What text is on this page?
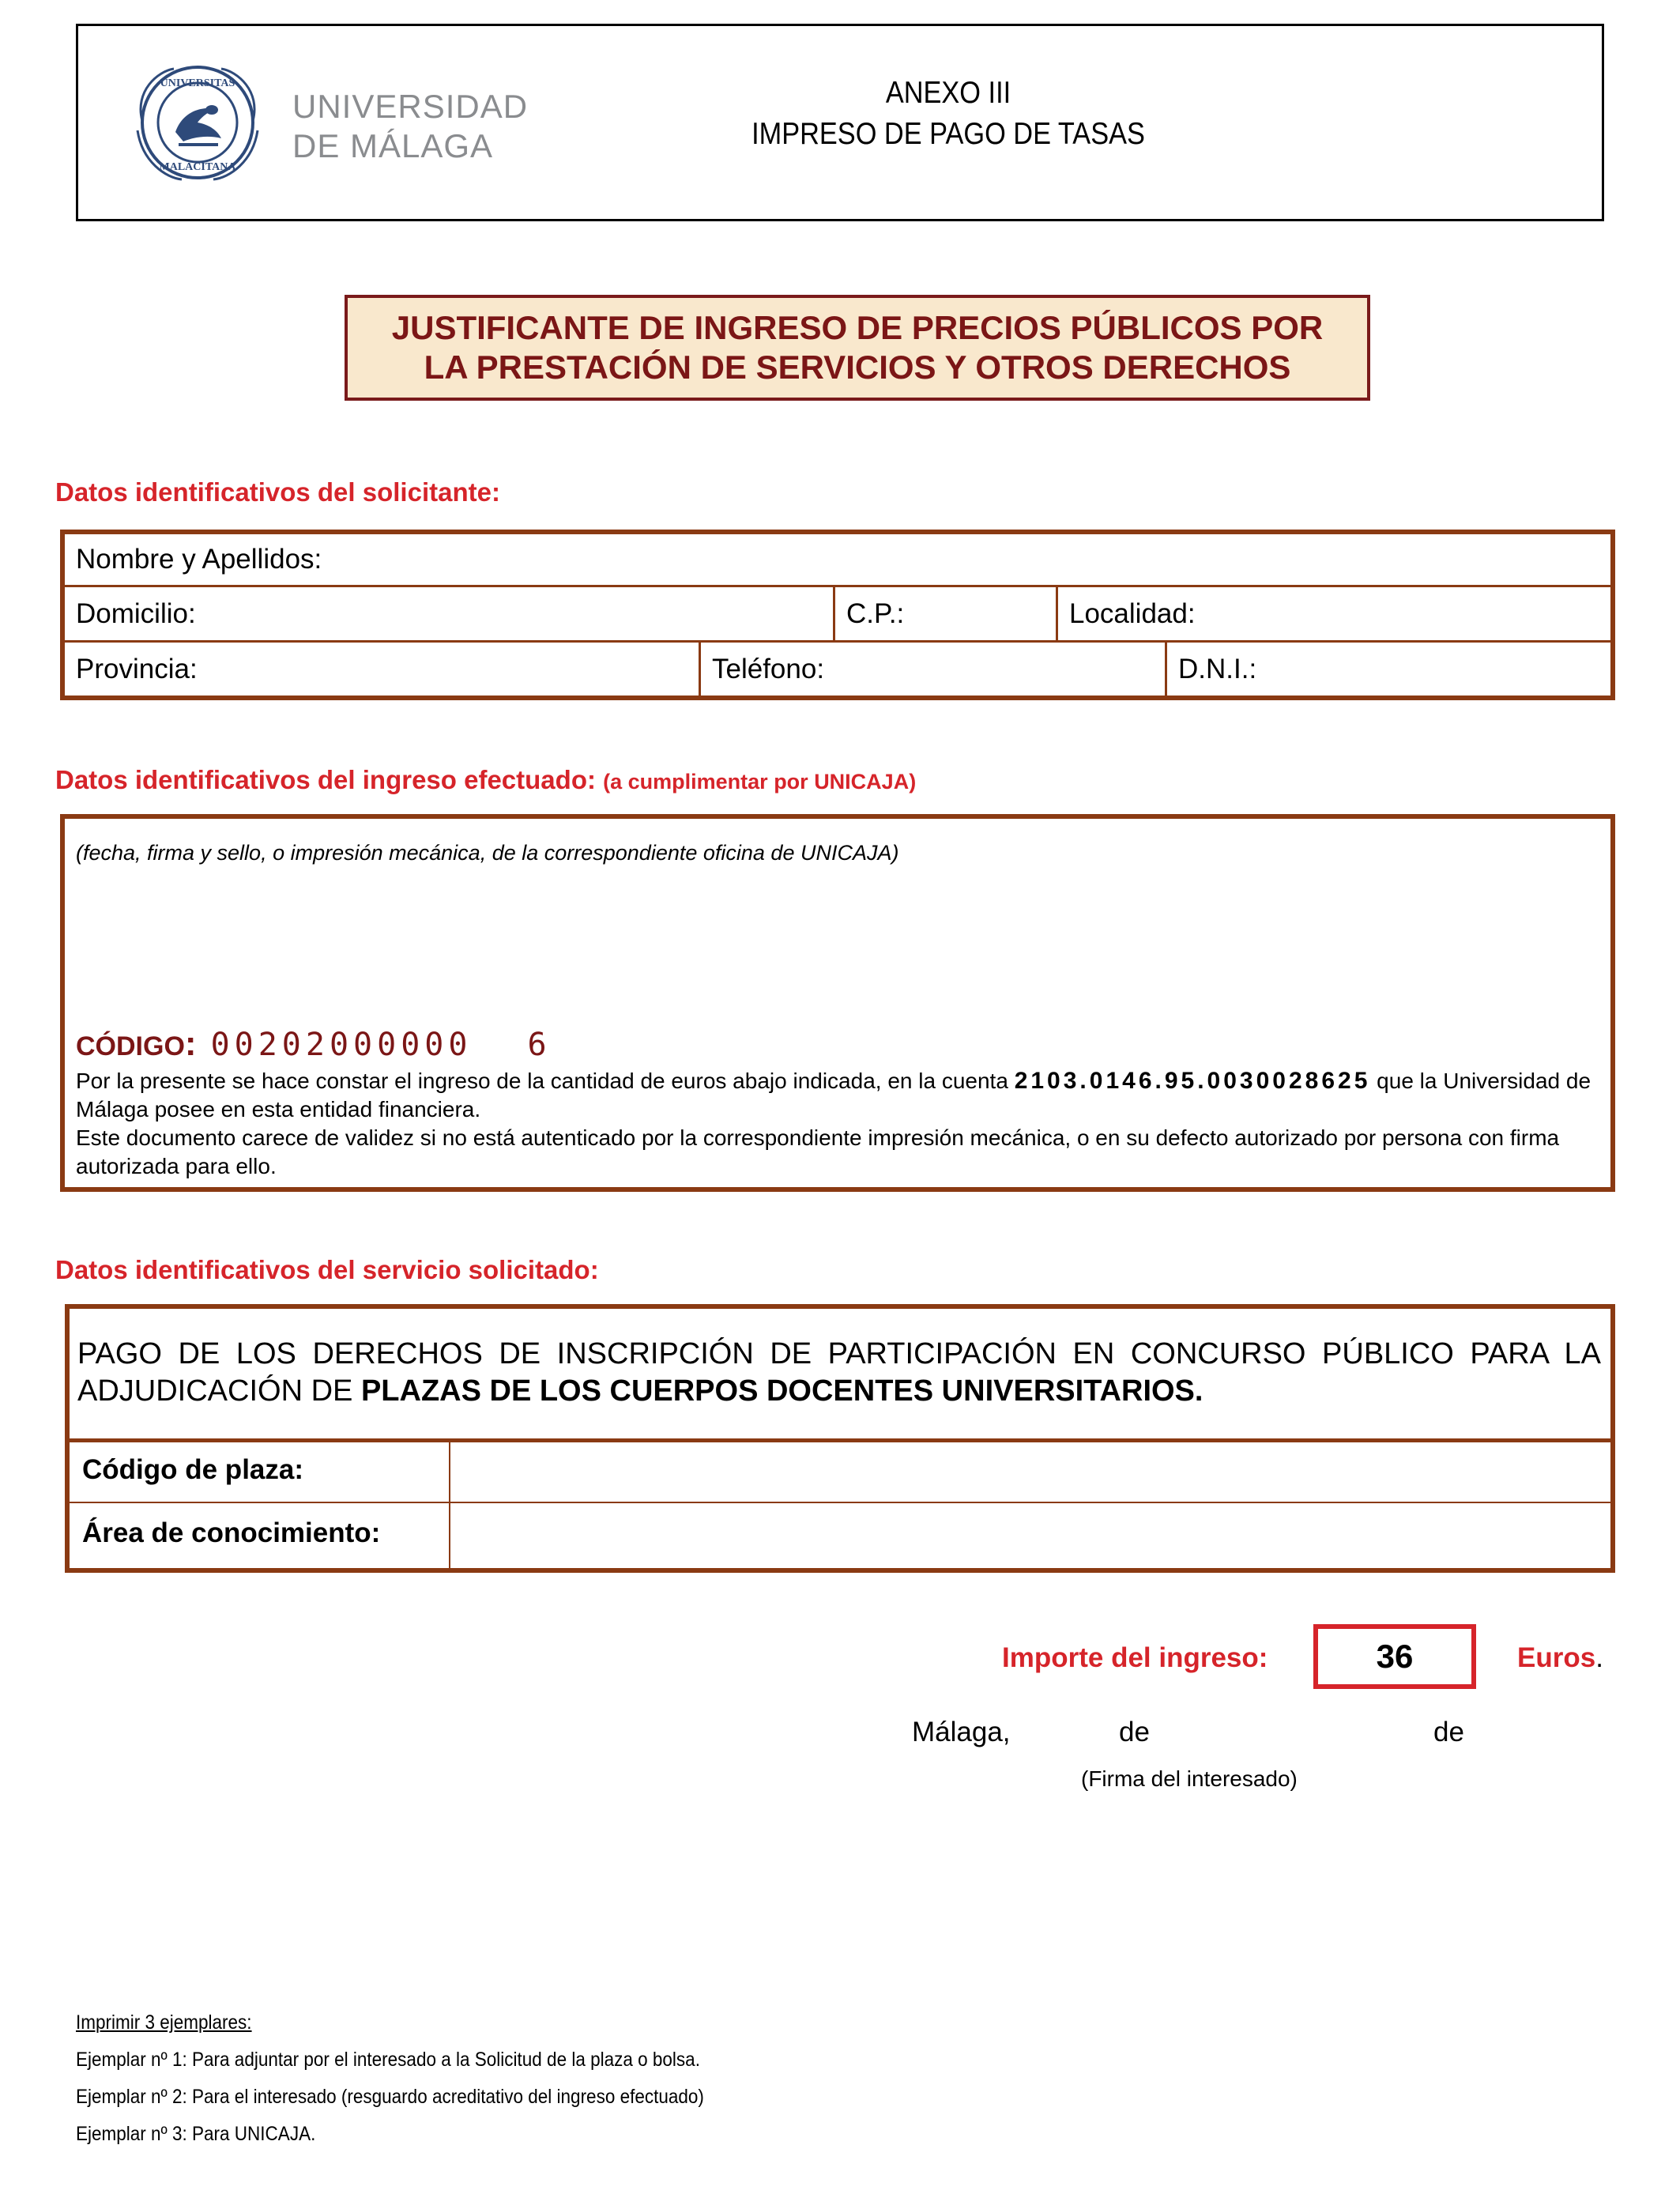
UNIVERSITAS
MALACITANA
UNIVERSIDAD
DE MÁLAGA
ANEXO III
IMPRESO DE PAGO DE TASAS
JUSTIFICANTE DE INGRESO DE PRECIOS PÚBLICOS POR
LA PRESTACIÓN DE SERVICIOS Y OTROS DERECHOS
Datos identificativos del solicitante:
Nombre y Apellidos:
Domicilio:	C.P.:	Localidad:
Provincia:	Teléfono:	D.N.I.:
Datos identificativos del ingreso efectuado: (a cumplimentar por UNICAJA)
(fecha, firma y sello, o impresión mecánica, de la correspondiente oficina de UNICAJA)
CÓDIGO: 00202000000 6
Por la presente se hace constar el ingreso de la cantidad de euros abajo indicada, en la cuenta 2103.0146.95.0030028625 que la Universidad de Málaga posee en esta entidad financiera.
Este documento carece de validez si no está autenticado por la correspondiente impresión mecánica, o en su defecto autorizado por persona con firma autorizada para ello.
Datos identificativos del servicio solicitado:
PAGO DE LOS DERECHOS DE INSCRIPCIÓN DE PARTICIPACIÓN EN CONCURSO PÚBLICO PARA LA ADJUDICACIÓN DE PLAZAS DE LOS CUERPOS DOCENTES UNIVERSITARIOS.
Código de plaza:
Área de conocimiento:
Importe del ingreso:	36	Euros.
Málaga,	de	de
(Firma del interesado)
Imprimir 3 ejemplares:
Ejemplar nº 1: Para adjuntar por el interesado a la Solicitud de la plaza o bolsa.
Ejemplar nº 2: Para el interesado (resguardo acreditativo del ingreso efectuado)
Ejemplar nº 3: Para UNICAJA.
